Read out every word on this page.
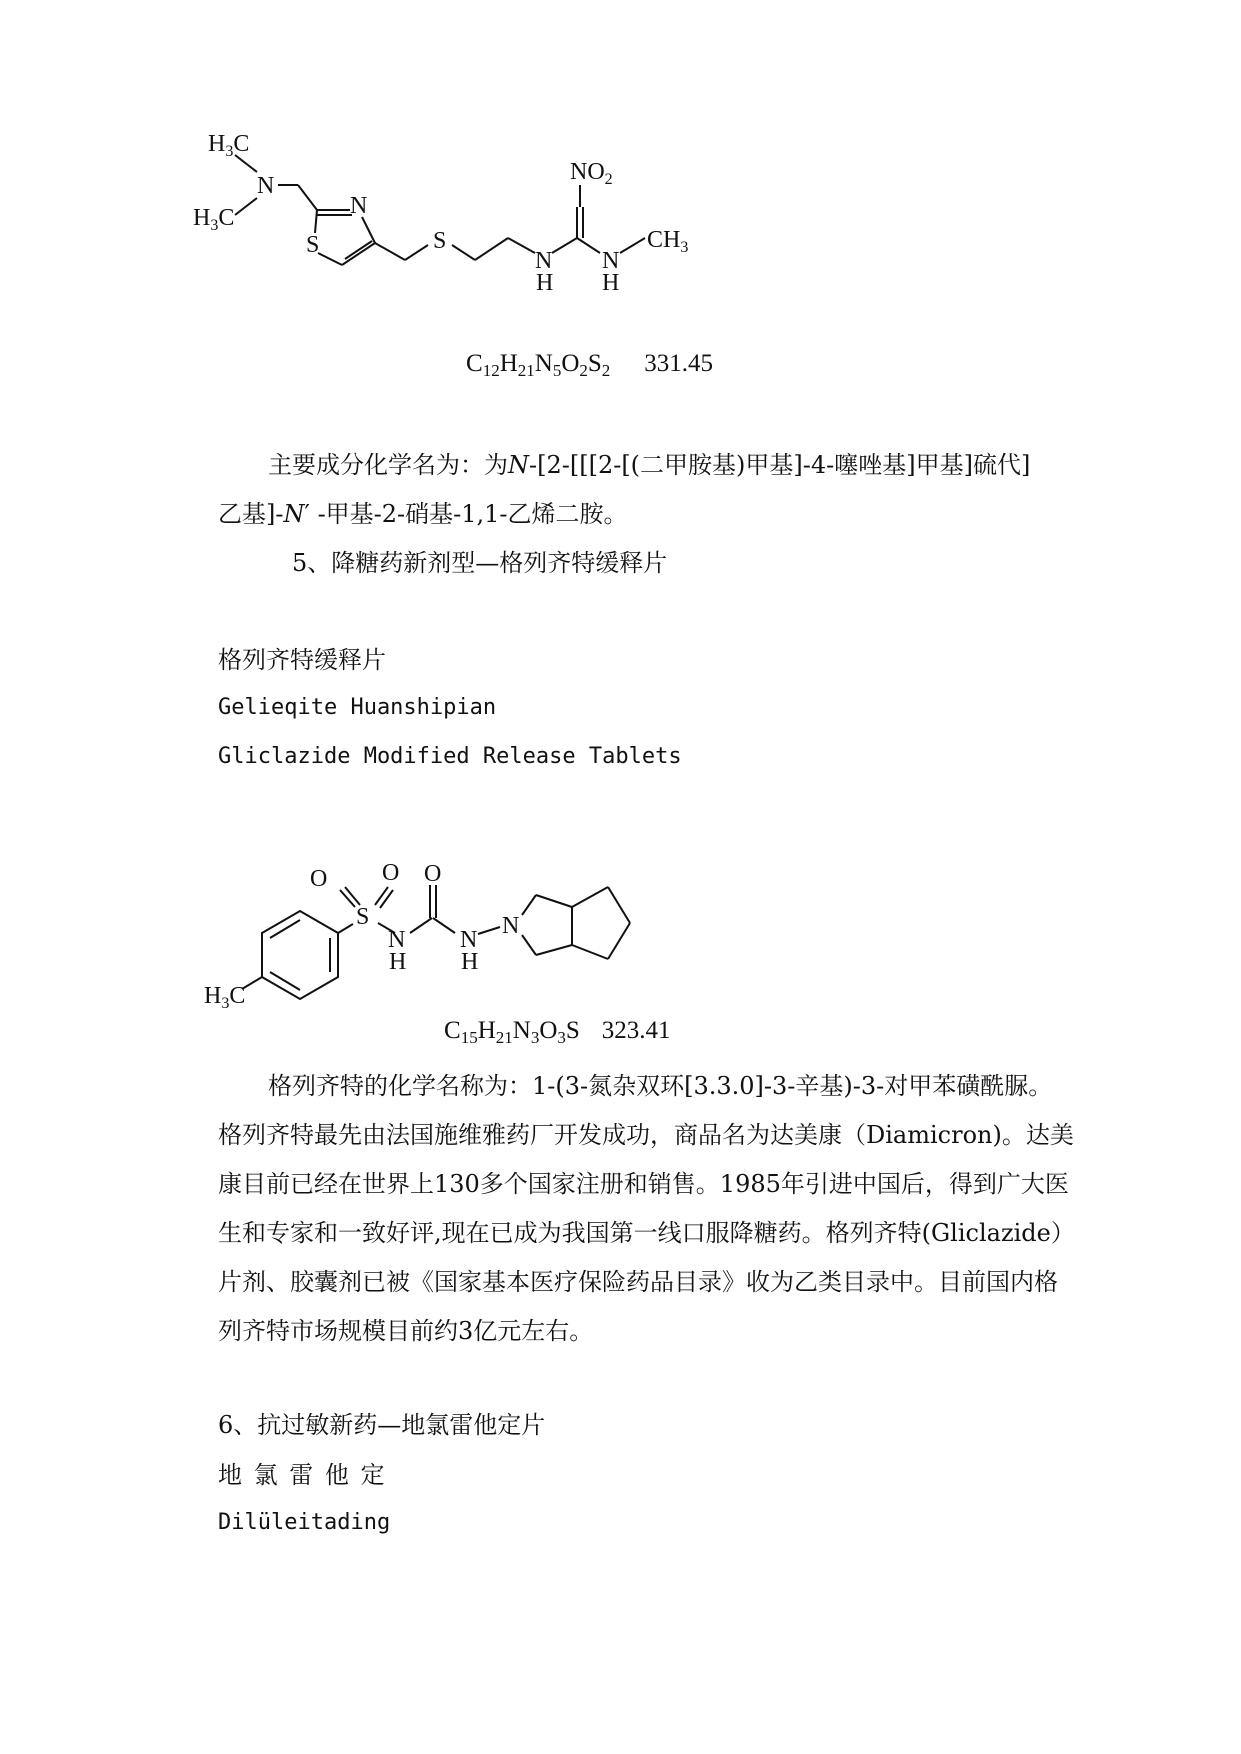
$H_3C$
N
$H_3C$	N
S	S
$NO_2$
N
H
N
H
$CH_3$
$C_{12}H_{21}N_5O_2S_2$ 331.45
主要成分化学名为：为N-[2-[[[2-[(二甲胺基)甲基]-4-噻唑基]甲基]硫代]
乙基]-N′ -甲基-2-硝基-1,1-乙烯二胺。
5、降糖药新剂型—格列齐特缓释片
格列齐特缓释片
Gelieqite Huanshipian
Gliclazide Modified Release Tablets
O O O
S
N
H
N
H
N
$H_3C$
$C_{15}H_{21}N_3O_3S$ 323.41

格列齐特的化学名称为：1-(3-氮杂双环[3.3.0]-3-辛基)-3-对甲苯磺酰脲。

格列齐特最先由法国施维雅药厂开发成功，商品名为达美康（Diamicron)。达美

康目前已经在世界上130多个国家注册和销售。1985年引进中国后，得到广大医

生和专家和一致好评,现在已成为我国第一线口服降糖药。格列齐特(Gliclazide）

片剂、胶囊剂已被《国家基本医疗保险药品目录》收为乙类目录中。目前国内格

列齐特市场规模目前约3亿元左右。

6、抗过敏新药—地氯雷他定片
地 氯 雷 他 定
Dilüleitading
